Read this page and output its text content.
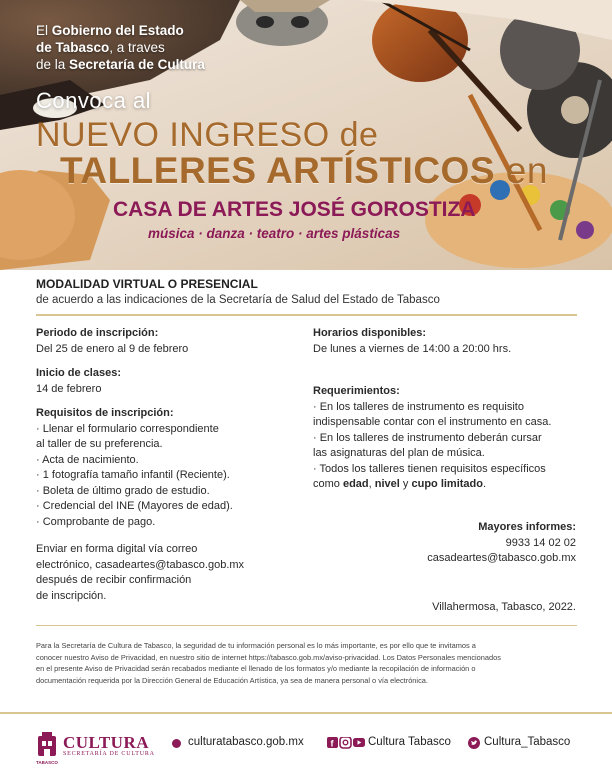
El Gobierno del Estado
de Tabasco, a traves
de la Secretaría de Cultura
Convoca al
NUEVO INGRESO de
TALLERES ARTÍSTICOS en
CASA DE ARTES JOSÉ GOROSTIZA
música · danza · teatro · artes plásticas
MODALIDAD VIRTUAL O PRESENCIAL
de acuerdo a las indicaciones de la Secretaría de Salud del Estado de Tabasco
Periodo de inscripción:
Del 25 de enero al 9 de febrero
Inicio de clases:
14 de febrero
Requisitos de inscripción:
· Llenar el formulario correspondiente
al taller de su preferencia.
· Acta de nacimiento.
· 1 fotografía tamaño infantil (Reciente).
· Boleta de último grado de estudio.
· Credencial del INE (Mayores de edad).
· Comprobante de pago.
Enviar en forma digital vía correo
electrónico, casadeartes@tabasco.gob.mx
después de recibir confirmación
de inscripción.
Horarios disponibles:
De lunes a viernes de 14:00 a 20:00 hrs.
Requerimientos:
· En los talleres de instrumento es requisito
indispensable contar con el instrumento en casa.
· En los talleres de instrumento deberán cursar
las asignaturas del plan de música.
· Todos los talleres tienen requisitos específicos
como edad, nivel y cupo limitado.
Mayores informes:
9933 14 02 02
casadeartes@tabasco.gob.mx
Villahermosa, Tabasco, 2022.
Para la Secretaría de Cultura de Tabasco, la seguridad de tu información personal es lo más importante, es por ello que te invitamos a
conocer nuestro Aviso de Privacidad, en nuestro sitio de internet https://tabasco.gob.mx/aviso-privacidad. Los Datos Personales mencionados
en el presente Aviso de Privacidad serán recabados mediante el llenado de los formatos y/o mediante la recopilación de información o
documentación requerida por la Dirección General de Educación Artística, ya sea de manera personal o vía electrónica.
CULTURA
SECRETARÍA DE CULTURA
TABASCO
culturatabasco.gob.mx	f	Cultura Tabasco	Cultura_Tabasco
